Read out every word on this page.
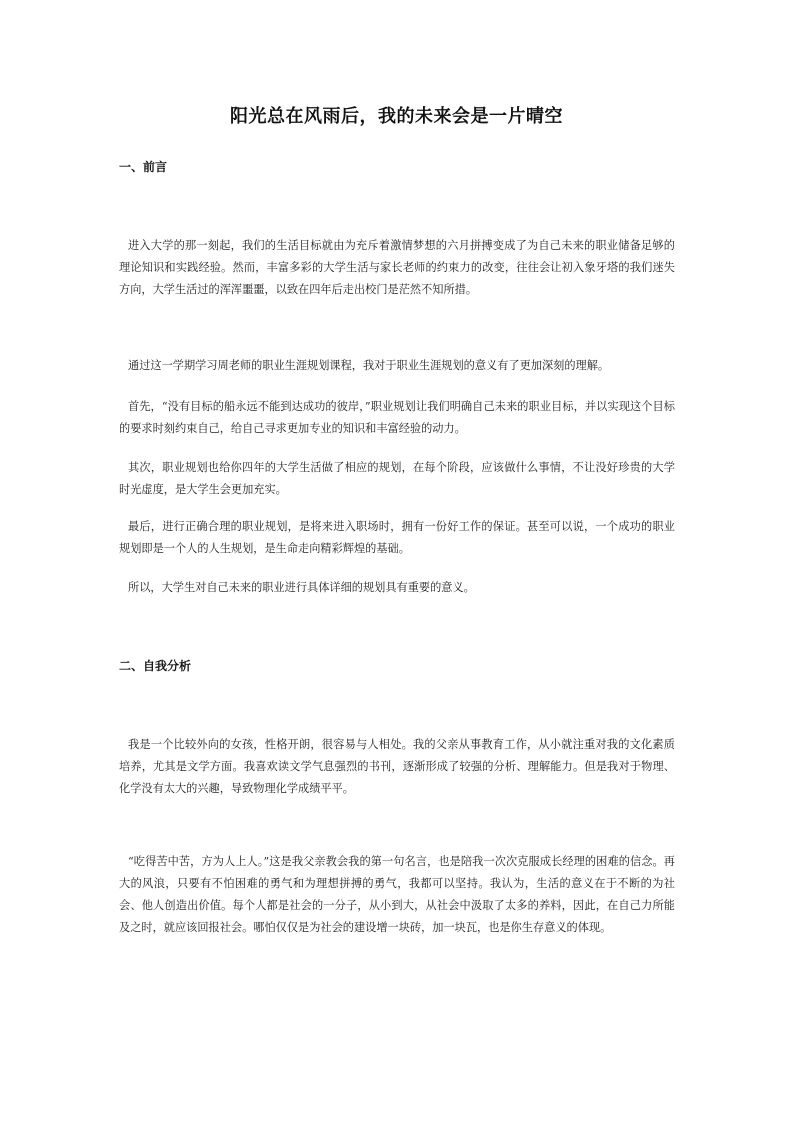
阳光总在风雨后，我的未来会是一片晴空
一、前言
进入大学的那一刻起，我们的生活目标就由为充斥着激情梦想的六月拼搏变成了为自己未来的职业储备足够的理论知识和实践经验。然而，丰富多彩的大学生活与家长老师的约束力的改变，往往会让初入象牙塔的我们迷失方向，大学生活过的浑浑噩噩，以致在四年后走出校门是茫然不知所措。
通过这一学期学习周老师的职业生涯规划课程，我对于职业生涯规划的意义有了更加深刻的理解。
首先，“没有目标的船永远不能到达成功的彼岸，”职业规划让我们明确自己未来的职业目标，并以实现这个目标的要求时刻约束自己，给自己寻求更加专业的知识和丰富经验的动力。
其次，职业规划也给你四年的大学生活做了相应的规划，在每个阶段，应该做什么事情，不让没好珍贵的大学时光虚度，是大学生会更加充实。
最后，进行正确合理的职业规划，是将来进入职场时，拥有一份好工作的保证。甚至可以说，一个成功的职业规划即是一个人的人生规划，是生命走向精彩辉煌的基础。
所以，大学生对自己未来的职业进行具体详细的规划具有重要的意义。
二、自我分析
我是一个比较外向的女孩，性格开朗，很容易与人相处。我的父亲从事教育工作，从小就注重对我的文化素质培养，尤其是文学方面。我喜欢读文学气息强烈的书刊，逐渐形成了较强的分析、理解能力。但是我对于物理、化学没有太大的兴趣，导致物理化学成绩平平。
“吃得苦中苦，方为人上人。”这是我父亲教会我的第一句名言，也是陪我一次次克服成长经理的困难的信念。再大的风浪，只要有不怕困难的勇气和为理想拼搏的勇气，我都可以坚持。我认为，生活的意义在于不断的为社会、他人创造出价值。每个人都是社会的一分子，从小到大，从社会中汲取了太多的养料，因此，在自己力所能及之时，就应该回报社会。哪怕仅仅是为社会的建设增一块砖，加一块瓦，也是你生存意义的体现。
